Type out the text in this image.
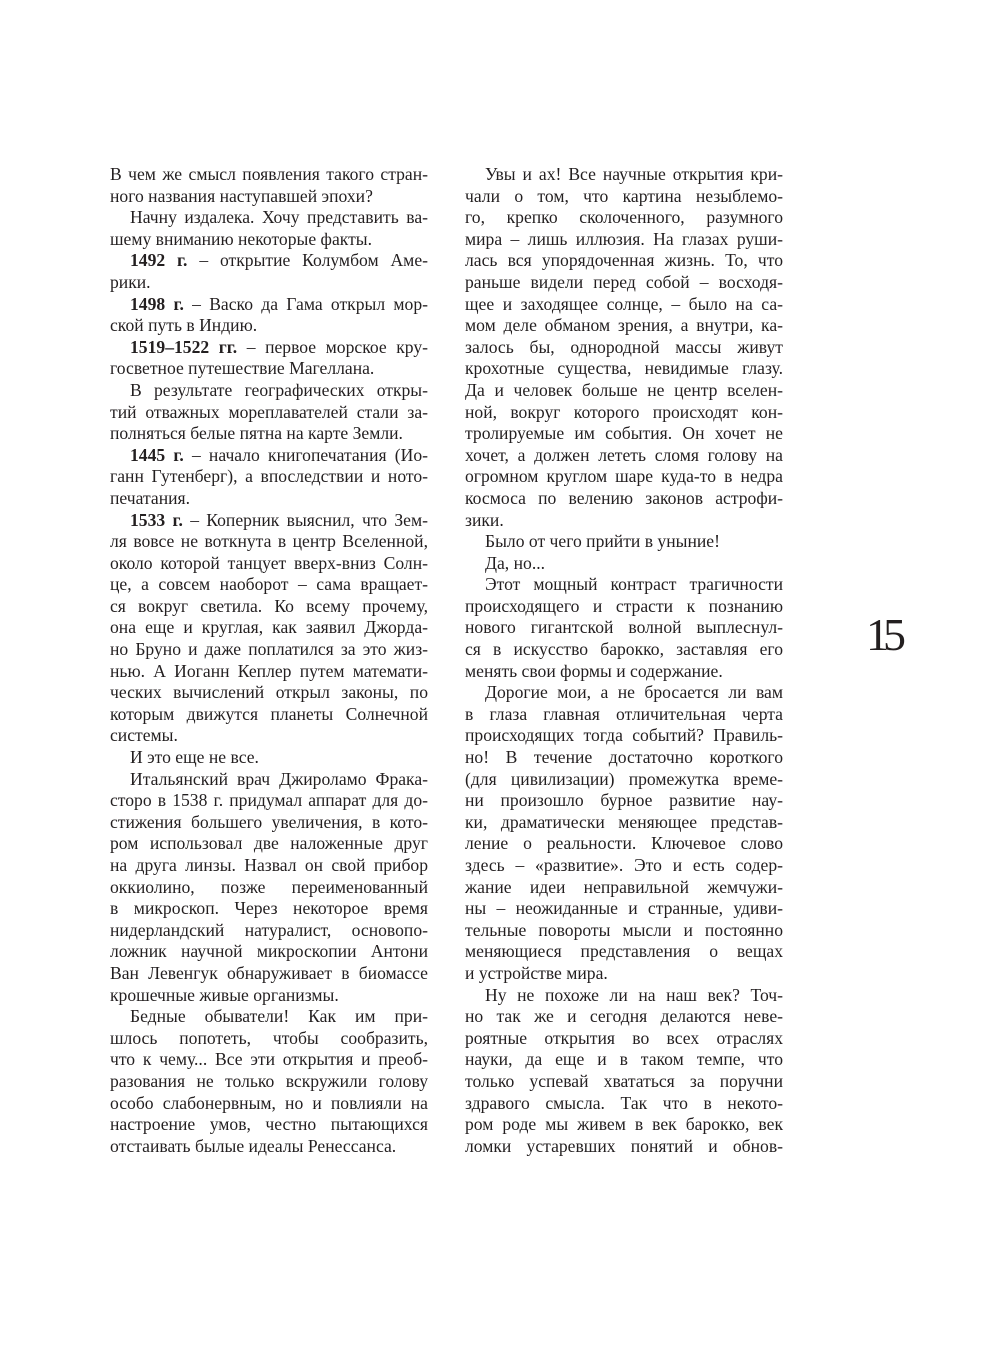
В чем же смысл появления такого стран-
ного названия наступавшей эпохи?
Начну издалека. Хочу представить ва-
шему вниманию некоторые факты.
1492 г. – открытие Колумбом Аме-
рики.
1498 г. – Васко да Гама открыл мор-
ской путь в Индию.
1519–1522 гг. – первое морское кру-
госветное путешествие Магеллана.
В результате географических откры-
тий отважных мореплавателей стали за-
полняться белые пятна на карте Земли.
1445 г. – начало книгопечатания (Ио-
ганн Гутенберг), а впоследствии и ното-
печатания.
1533 г. – Коперник выяснил, что Зем-
ля вовсе не воткнута в центр Вселенной,
около которой танцует вверх-вниз Солн-
це, а совсем наоборот – сама вращает-
ся вокруг светила. Ко всему прочему,
она еще и круглая, как заявил Джорда-
но Бруно и даже поплатился за это жиз-
нью. А Иоганн Кеплер путем математи-
ческих вычислений открыл законы, по
которым движутся планеты Солнечной
системы.
И это еще не все.
Итальянский врач Джироламо Фрака-
сторо в 1538 г. придумал аппарат для до-
стижения большего увеличения, в кото-
ром использовал две наложенные друг
на друга линзы. Назвал он свой прибор
оккиолино, позже переименованный
в микроскоп. Через некоторое время
нидерландский натуралист, основопо-
ложник научной микроскопии Антони
Ван Левенгук обнаруживает в биомассе
крошечные живые организмы.
Бедные обыватели! Как им при-
шлось попотеть, чтобы сообразить,
что к чему... Все эти открытия и преоб-
разования не только вскружили голову
особо слабонервным, но и повлияли на
настроение умов, честно пытающихся
отстаивать былые идеалы Ренессанса.
Увы и ах! Все научные открытия кри-
чали о том, что картина незыблемо-
го, крепко сколоченного, разумного
мира – лишь иллюзия. На глазах руши-
лась вся упорядоченная жизнь. То, что
раньше видели перед собой – восходя-
щее и заходящее солнце, – было на са-
мом деле обманом зрения, а внутри, ка-
залось бы, однородной массы живут
крохотные существа, невидимые глазу.
Да и человек больше не центр вселен-
ной, вокруг которого происходят кон-
тролируемые им события. Он хочет не
хочет, а должен лететь сломя голову на
огромном круглом шаре куда-то в недра
космоса по велению законов астрофи-
зики.
Было от чего прийти в уныние!
Да, но...
Этот мощный контраст трагичности
происходящего и страсти к познанию
нового гигантской волной выплеснул-
ся в искусство барокко, заставляя его
менять свои формы и содержание.
Дорогие мои, а не бросается ли вам
в глаза главная отличительная черта
происходящих тогда событий? Правиль-
но! В течение достаточно короткого
(для цивилизации) промежутка време-
ни произошло бурное развитие нау-
ки, драматически меняющее представ-
ление о реальности. Ключевое слово
здесь – «развитие». Это и есть содер-
жание идеи неправильной жемчужи-
ны – неожиданные и странные, удиви-
тельные повороты мысли и постоянно
меняющиеся представления о вещах
и устройстве мира.
Ну не похоже ли на наш век? Точ-
но так же и сегодня делаются неве-
роятные открытия во всех отраслях
науки, да еще и в таком темпе, что
только успевай хвататься за поручни
здравого смысла. Так что в некото-
ром роде мы живем в век барокко, век
ломки устаревших понятий и обнов-
15
